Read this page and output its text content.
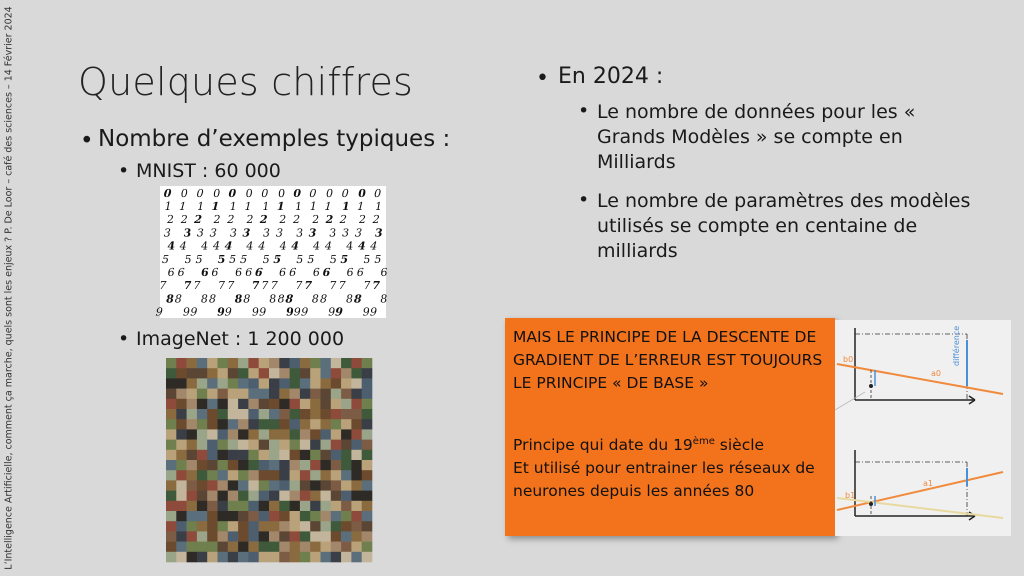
L’Intelligence Artificielle, comment ça marche, quels sont les enjeux ? P. De Loor – café des sciences – 14 Février 2024 Quelques chiffres
• Nombre d’exemples typiques :
• MNIST : 60 000
0 0 0 0 0 0 0 0 0 0 0 0 0 0
1 1 1 1 1 1 1 1 1 1 1 1 1 1
2 2 2 2 2 2 2 2 2 2 2 2 2 2
3 3 3 3 3 3 3 3 3 3 3 3 3 3
4 4 4 4 4 4 4 4 4 4 4 4 4 4
5 5 5 5 5 5 5 5 5 5 5 5 5 5
6 6 6 6 6 6 6 6 6 6 6 6 6 6
7 7 7 7 7 7 7 7 7 7 7 7 7 7
8 8 8 8 8 8 8 8 8 8 8 8 8 8
9 9 9 9 9 9 9 9 9 9 9 9 9 9
• ImageNet : 1 200 000
• En 2024 :
• Le nombre de données pour les « Grands Modèles » se compte en Milliards
• Le nombre de paramètres des modèles utilisés se compte en centaine de milliards
MAIS LE PRINCIPE DE LA DESCENTE DE GRADIENT DE L’ERREUR EST TOUJOURS LE PRINCIPE « DE BASE »
Principe qui date du 19ème siècle
Et utilisé pour entrainer les réseaux de neurones depuis les années 80
b0
a0
différence
b1
a1
